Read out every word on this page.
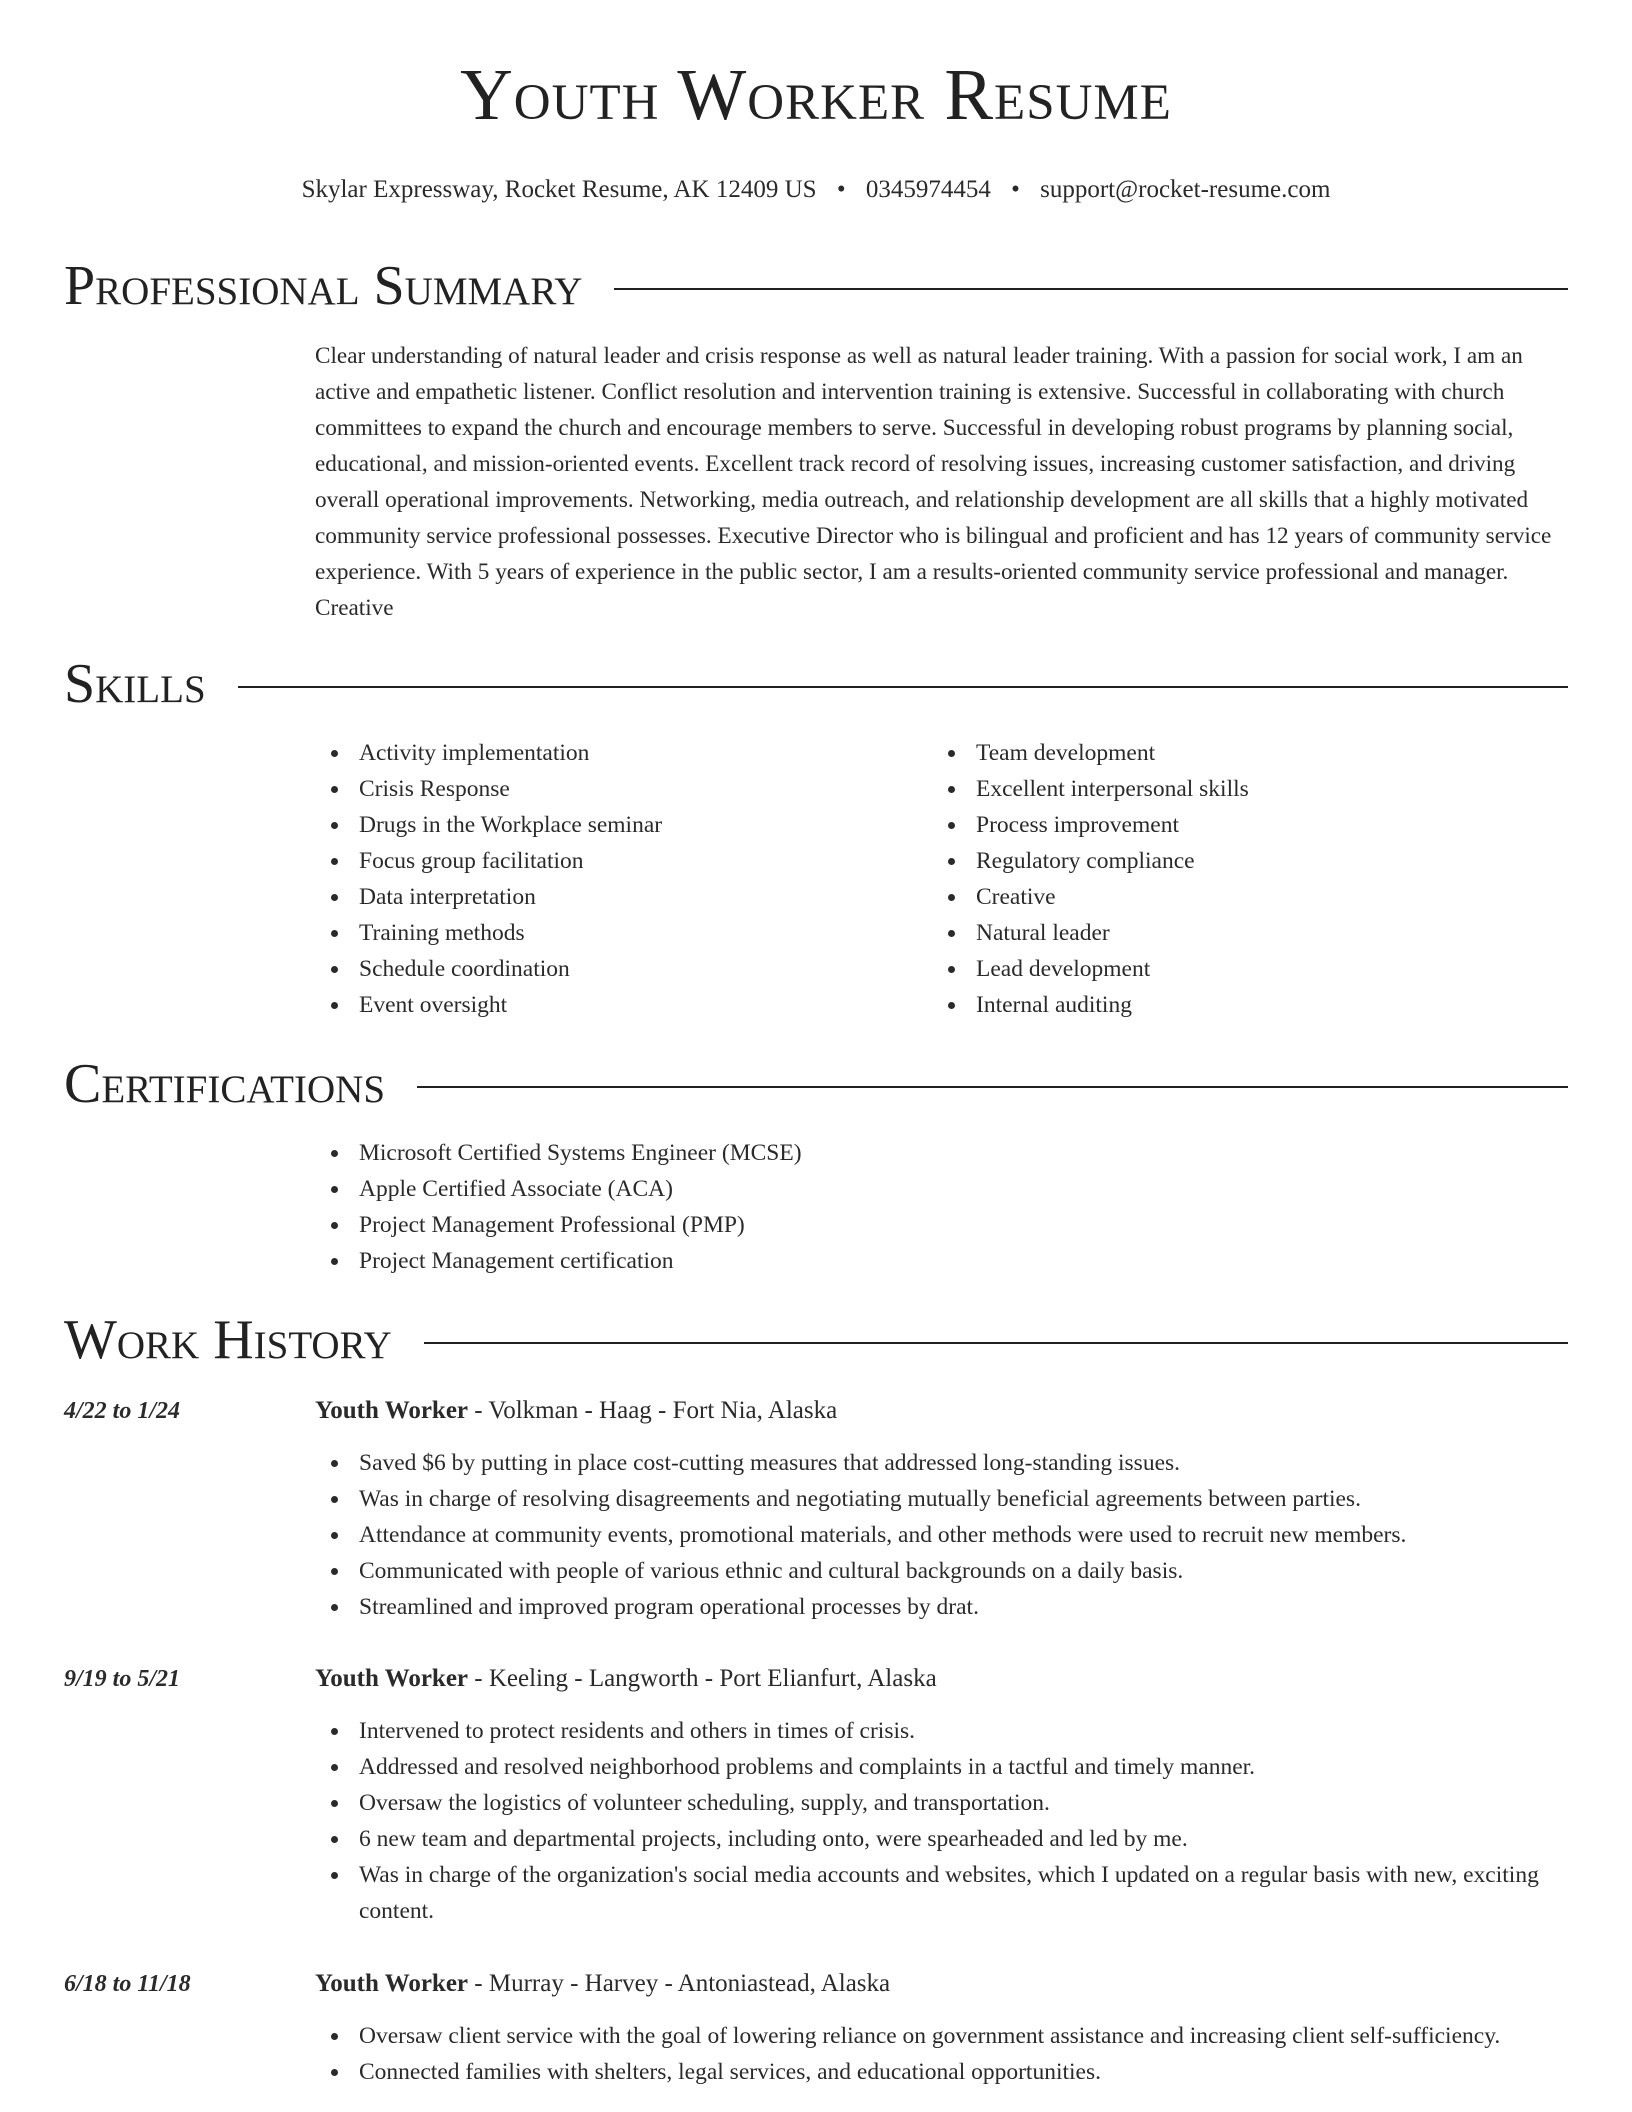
Youth Worker Resume
Skylar Expressway, Rocket Resume, AK 12409 US • 0345974454 • support@rocket-resume.com
Professional Summary

Clear understanding of natural leader and crisis response as well as natural leader training. With a passion for social work, I am an active and empathetic listener. Conflict resolution and intervention training is extensive. Successful in collaborating with church committees to expand the church and encourage members to serve. Successful in developing robust programs by planning social, educational, and mission-oriented events. Excellent track record of resolving issues, increasing customer satisfaction, and driving overall operational improvements. Networking, media outreach, and relationship development are all skills that a highly motivated community service professional possesses. Executive Director who is bilingual and proficient and has 12 years of community service experience. With 5 years of experience in the public sector, I am a results-oriented community service professional and manager. Creative

Skills
Activity implementation
Crisis Response
Drugs in the Workplace seminar
Focus group facilitation
Data interpretation
Training methods
Schedule coordination
Event oversight
Team development
Excellent interpersonal skills
Process improvement
Regulatory compliance
Creative
Natural leader
Lead development
Internal auditing
Certifications
Microsoft Certified Systems Engineer (MCSE)
Apple Certified Associate (ACA)
Project Management Professional (PMP)
Project Management certification
Work History
4/22 to 1/24	Youth Worker - Volkman - Haag - Fort Nia, Alaska
Saved $6 by putting in place cost-cutting measures that addressed long-standing issues.
Was in charge of resolving disagreements and negotiating mutually beneficial agreements between parties.
Attendance at community events, promotional materials, and other methods were used to recruit new members.
Communicated with people of various ethnic and cultural backgrounds on a daily basis.
Streamlined and improved program operational processes by drat.
9/19 to 5/21	Youth Worker - Keeling - Langworth - Port Elianfurt, Alaska
Intervened to protect residents and others in times of crisis.
Addressed and resolved neighborhood problems and complaints in a tactful and timely manner.
Oversaw the logistics of volunteer scheduling, supply, and transportation.
6 new team and departmental projects, including onto, were spearheaded and led by me.
Was in charge of the organization's social media accounts and websites, which I updated on a regular basis with new, exciting content.
6/18 to 11/18	Youth Worker - Murray - Harvey - Antoniastead, Alaska
Oversaw client service with the goal of lowering reliance on government assistance and increasing client self-sufficiency.
Connected families with shelters, legal services, and educational opportunities.
